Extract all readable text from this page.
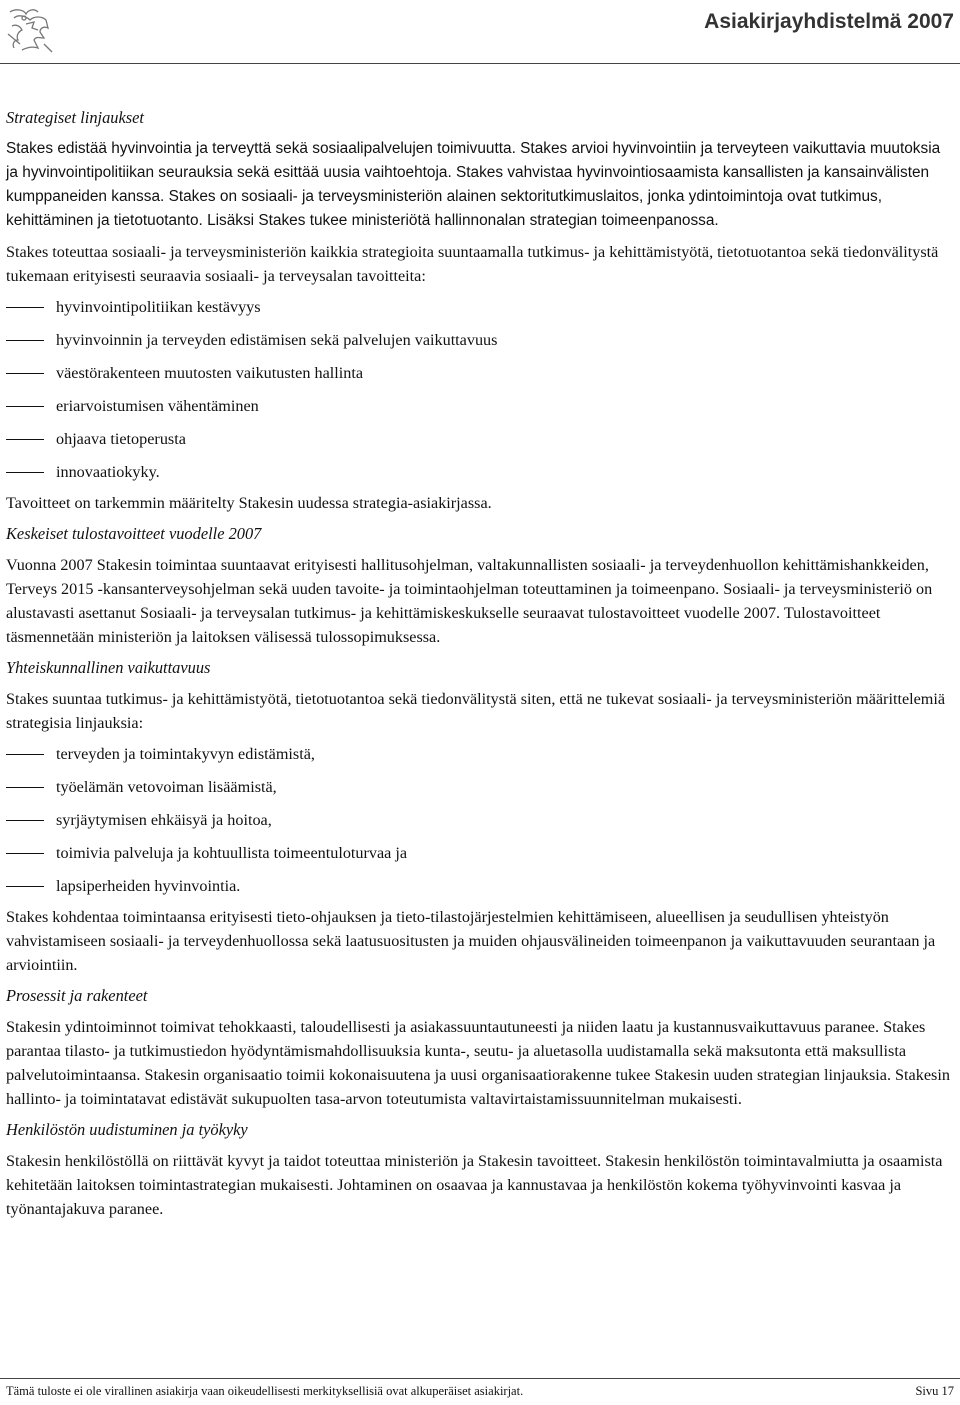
Asiakirjayhdistelmä 2007
Strategiset linjaukset

Stakes edistää hyvinvointia ja terveyttä sekä sosiaalipalvelujen toimivuutta. Stakes arvioi hyvinvointiin ja terveyteen vaikuttavia muutoksia ja hyvinvointipolitiikan seurauksia sekä esittää uusia vaihtoehtoja. Stakes vahvistaa hyvinvointiosaamista kansallisten ja kansainvälisten kumppaneiden kanssa. Stakes on sosiaali- ja terveysministeriön alainen sektoritutkimuslaitos, jonka ydintoimintoja ovat tutkimus, kehittäminen ja tietotuotanto. Lisäksi Stakes tukee ministeriötä hallinnonalan strategian toimeenpanossa.

Stakes toteuttaa sosiaali- ja terveysministeriön kaikkia strategioita suuntaamalla tutkimus- ja kehittämistyötä, tietotuotantoa sekä tiedonvälitystä tukemaan erityisesti seuraavia sosiaali- ja terveysalan tavoitteita:

hyvinvointipolitiikan kestävyys
hyvinvoinnin ja terveyden edistämisen sekä palvelujen vaikuttavuus
väestörakenteen muutosten vaikutusten hallinta
eriarvoistumisen vähentäminen
ohjaava tietoperusta
innovaatiokyky.

Tavoitteet on tarkemmin määritelty Stakesin uudessa strategia-asiakirjassa.

Keskeiset tulostavoitteet vuodelle 2007

Vuonna 2007 Stakesin toimintaa suuntaavat erityisesti hallitusohjelman, valtakunnallisten sosiaali- ja terveydenhuollon kehittämishankkeiden, Terveys 2015 -kansanterveysohjelman sekä uuden tavoite- ja toimintaohjelman toteuttaminen ja toimeenpano. Sosiaali- ja terveysministeriö on alustavasti asettanut Sosiaali- ja terveysalan tutkimus- ja kehittämiskeskukselle seuraavat tulostavoitteet vuodelle 2007. Tulostavoitteet täsmennetään ministeriön ja laitoksen välisessä tulossopimuksessa.

Yhteiskunnallinen vaikuttavuus

Stakes suuntaa tutkimus- ja kehittämistyötä, tietotuotantoa sekä tiedonvälitystä siten, että ne tukevat sosiaali- ja terveysministeriön määrittelemiä strategisia linjauksia:

terveyden ja toimintakyvyn edistämistä,
työelämän vetovoiman lisäämistä,
syrjäytymisen ehkäisyä ja hoitoa,
toimivia palveluja ja kohtuullista toimeentuloturvaa ja
lapsiperheiden hyvinvointia.

Stakes kohdentaa toimintaansa erityisesti tieto-ohjauksen ja tieto-tilastojärjestelmien kehittämiseen, alueellisen ja seudullisen yhteistyön vahvistamiseen sosiaali- ja terveydenhuollossa sekä laatusuositusten ja muiden ohjausvälineiden toimeenpanon ja vaikuttavuuden seurantaan ja arviointiin.

Prosessit ja rakenteet

Stakesin ydintoiminnot toimivat tehokkaasti, taloudellisesti ja asiakassuuntautuneesti ja niiden laatu ja kustannusvaikuttavuus paranee. Stakes parantaa tilasto- ja tutkimustiedon hyödyntämismahdollisuuksia kunta-, seutu- ja aluetasolla uudistamalla sekä maksutonta että maksullista palvelutoimintaansa. Stakesin organisaatio toimii kokonaisuutena ja uusi organisaatiorakenne tukee Stakesin uuden strategian linjauksia. Stakesin hallinto- ja toimintatavat edistävät sukupuolten tasa-arvon toteutumista valtavirtaistamissuunnitelman mukaisesti.

Henkilöstön uudistuminen ja työkyky

Stakesin henkilöstöllä on riittävät kyvyt ja taidot toteuttaa ministeriön ja Stakesin tavoitteet. Stakesin henkilöstön toimintavalmiutta ja osaamista kehitetään laitoksen toimintastrategian mukaisesti. Johtaminen on osaavaa ja kannustavaa ja henkilöstön kokema työhyvinvointi kasvaa ja työnantajakuva paranee.

Tämä tuloste ei ole virallinen asiakirja vaan oikeudellisesti merkityksellisiä ovat alkuperäiset asiakirjat.	Sivu 17
